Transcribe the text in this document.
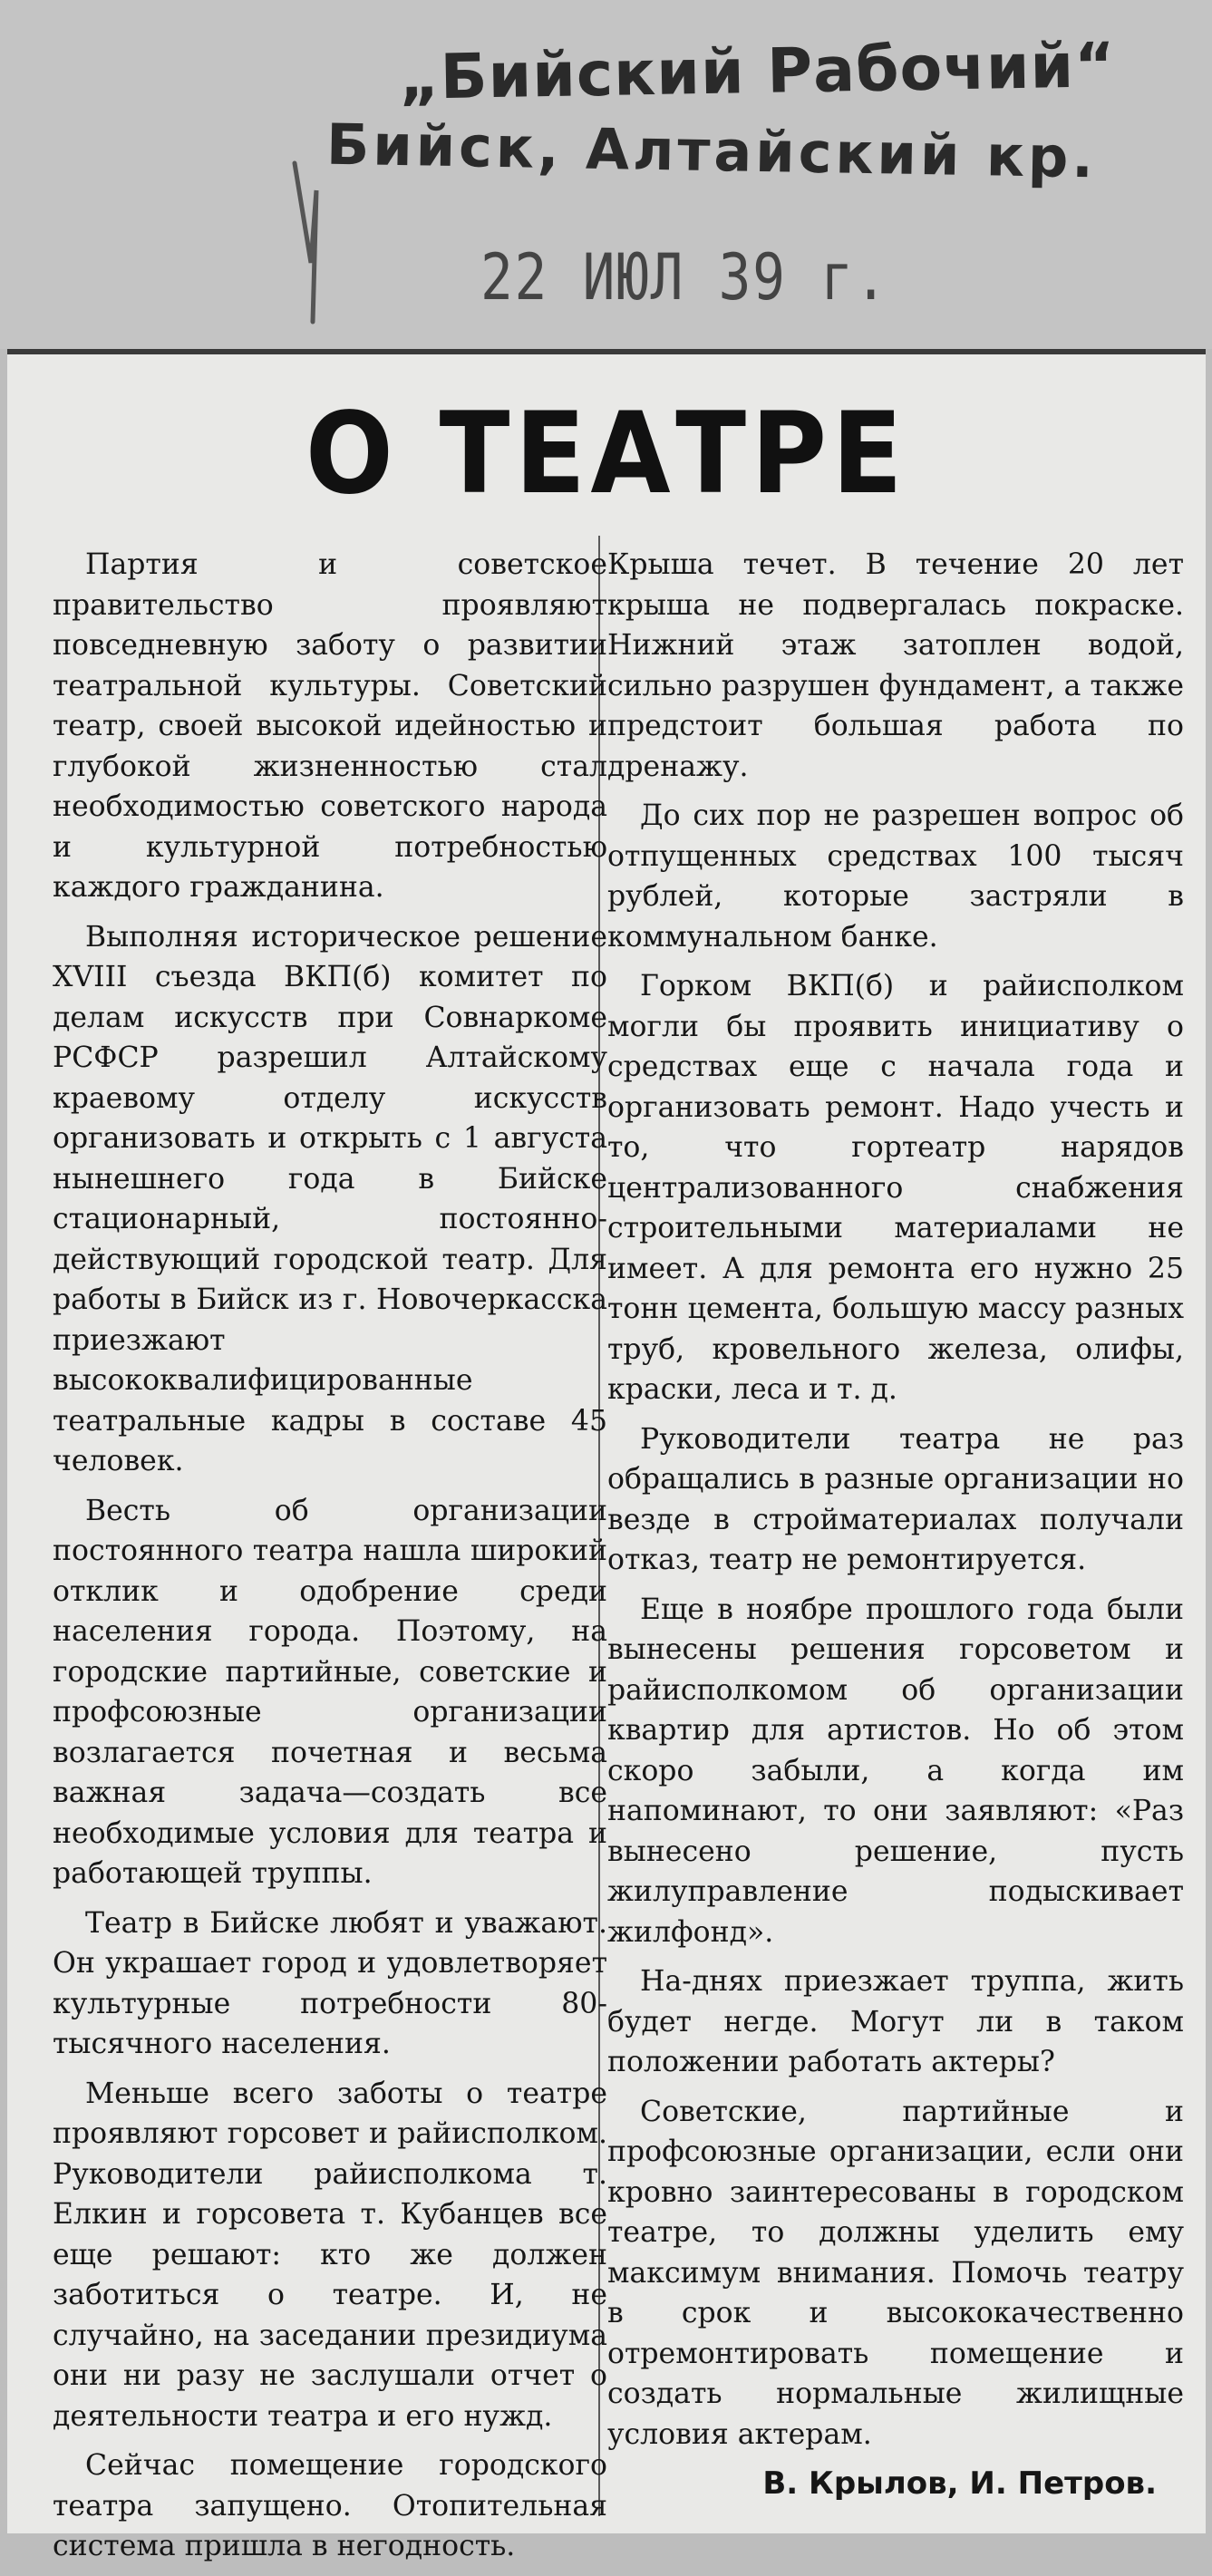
„Бийский Рабочий“
Бийск, Алтайский кр.
22 ИЮЛ 39 г.
О ТЕАТРЕ

Партия и советское правительство проявляют повседневную заботу о развитии театральной культуры. Советский театр, своей высокой идейностью и глубокой жизненностью стал необходимостью советского народа и культурной потребностью каждого гражданина.

Выполняя историческое решение XVIII съезда ВКП(б) комитет по делам искусств при Совнаркоме РСФСР разрешил Алтайскому краевому отделу искусств организовать и открыть с 1 августа нынешнего года в Бийске стационарный, постоянно-действующий городской театр. Для работы в Бийск из г. Новочеркасска приезжают высококвалифицированные театральные кадры в составе 45 человек.

Весть об организации постоянного театра нашла широкий отклик и одобрение среди населения города. Поэтому, на городские партийные, советские и профсоюзные организации возлагается почетная и весьма важная задача—создать все необходимые условия для театра и работающей труппы.

Театр в Бийске любят и уважают. Он украшает город и удовлетворяет культурные потребности 80-тысячного населения.

Меньше всего заботы о театре проявляют горсовет и райисполком. Руководители райисполкома т. Елкин и горсовета т. Кубанцев все еще решают: кто же должен заботиться о театре. И, не случайно, на заседании президиума они ни разу не заслушали отчет о деятельности театра и его нужд.

Сейчас помещение городского театра запущено. Отопительная система пришла в негодность.

Крыша течет. В течение 20 лет крыша не подвергалась покраске. Нижний этаж затоплен водой, сильно разрушен фундамент, а также предстоит большая работа по дренажу.

До сих пор не разрешен вопрос об отпущенных средствах 100 тысяч рублей, которые застряли в коммунальном банке.

Горком ВКП(б) и райисполком могли бы проявить инициативу о средствах еще с начала года и организовать ремонт. Надо учесть и то, что гортеатр нарядов централизованного снабжения строительными материалами не имеет. А для ремонта его нужно 25 тонн цемента, большую массу разных труб, кровельного железа, олифы, краски, леса и т. д.

Руководители театра не раз обращались в разные организации но везде в стройматериалах получали отказ, театр не ремонтируется.

Еще в ноябре прошлого года были вынесены решения горсоветом и райисполкомом об организации квартир для артистов. Но об этом скоро забыли, а когда им напоминают, то они заявляют: «Раз вынесено решение, пусть жилуправление подыскивает жилфонд».

На-днях приезжает труппа, жить будет негде. Могут ли в таком положении работать актеры?

Советские, партийные и профсоюзные организации, если они кровно заинтересованы в городском театре, то должны уделить ему максимум внимания. Помочь театру в срок и высококачественно отремонтировать помещение и создать нормальные жилищные условия актерам.

В. Крылов, И. Петров.
